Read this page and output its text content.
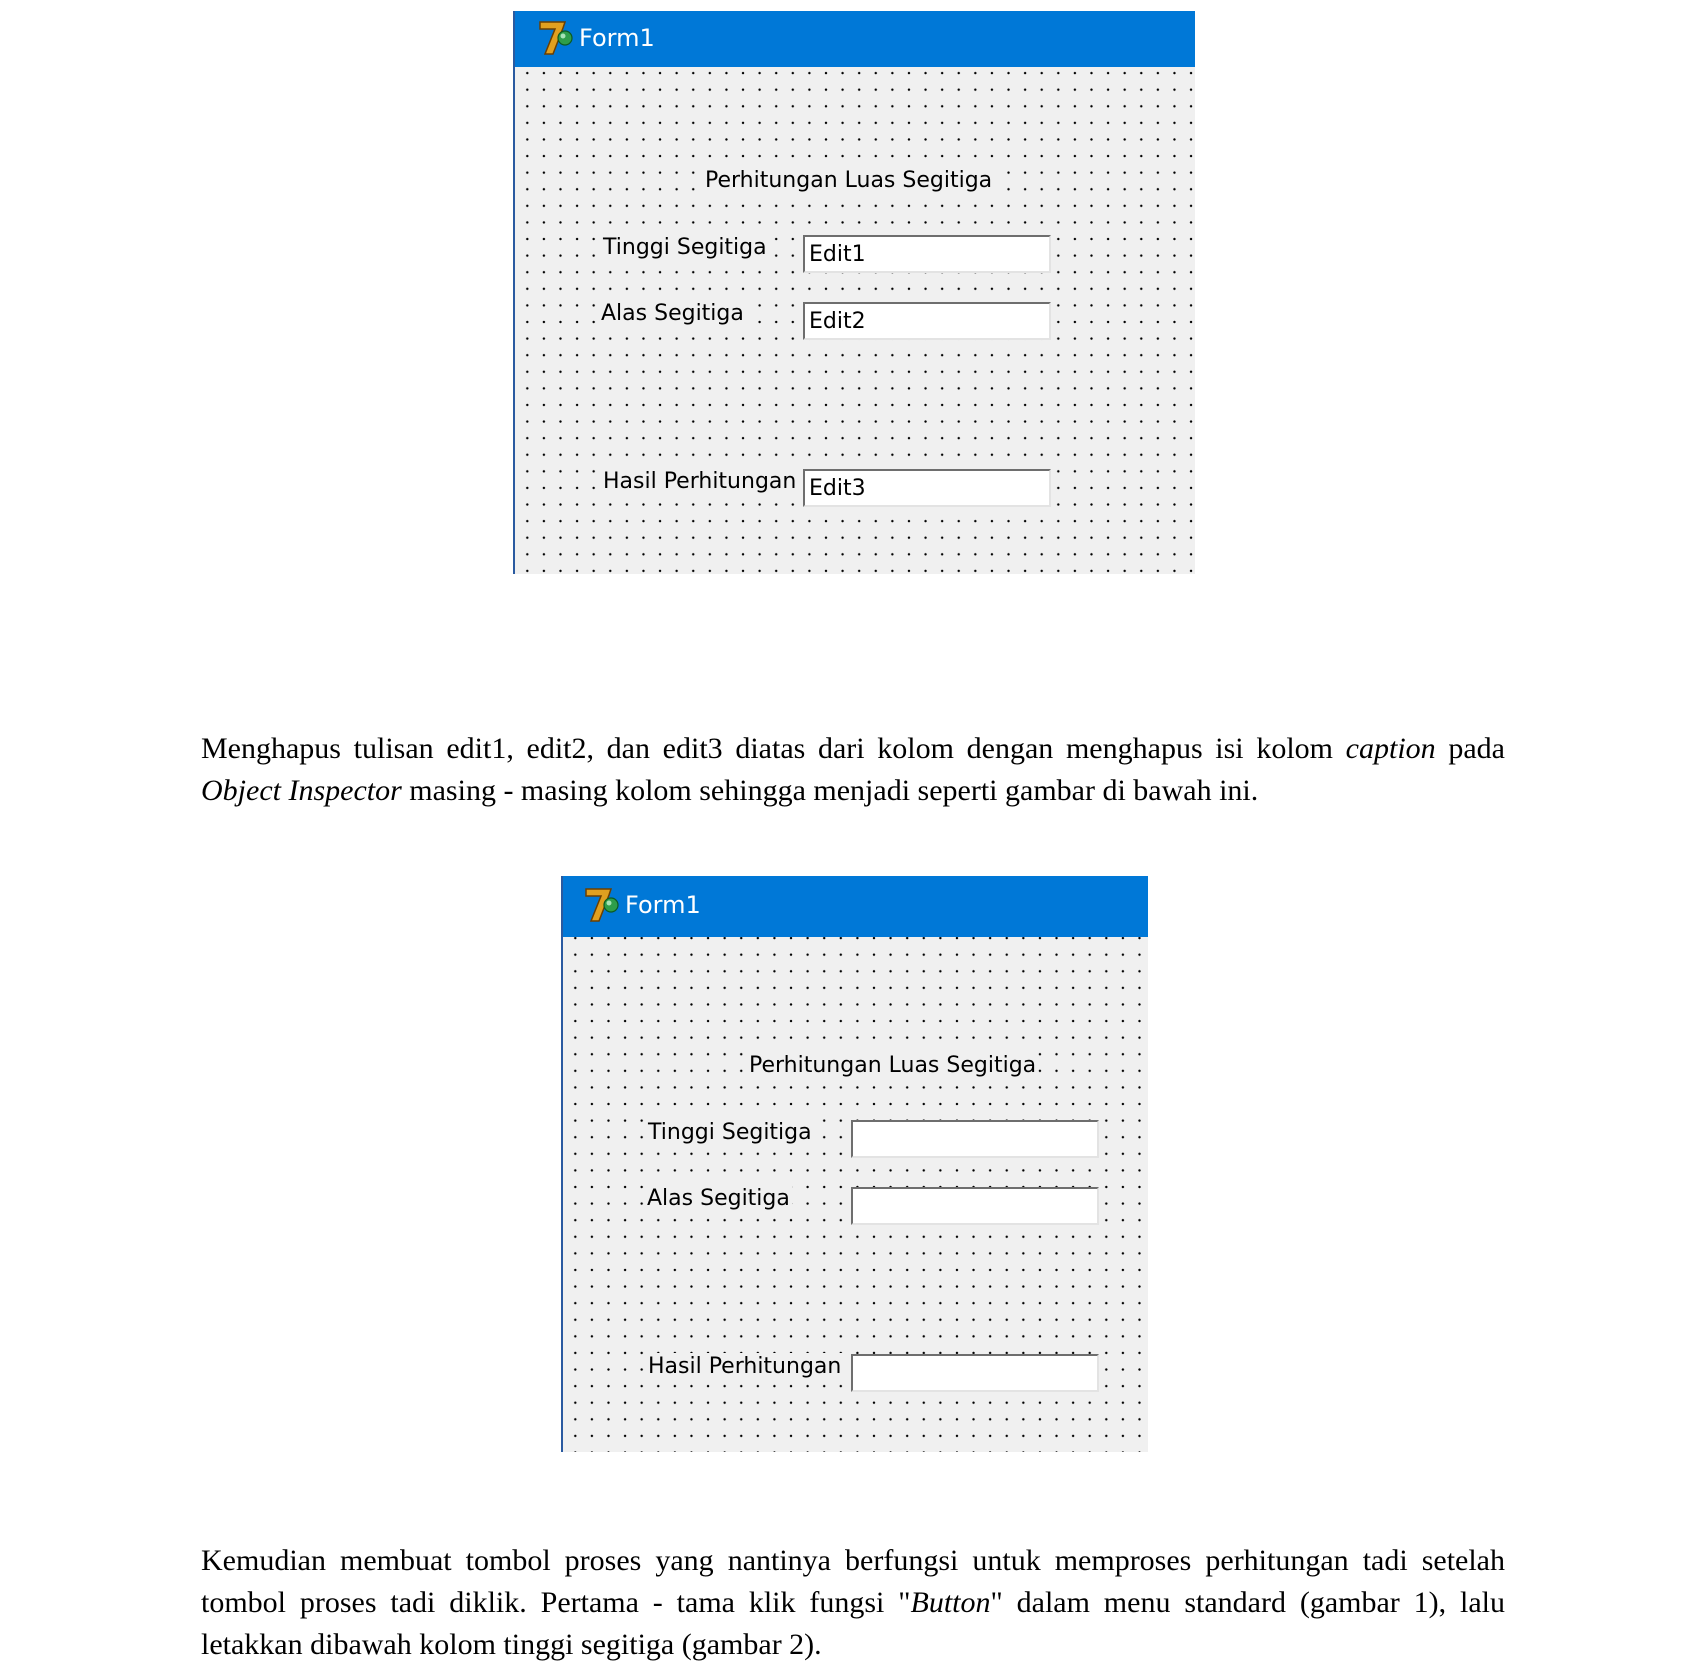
Form1
Perhitungan Luas Segitiga
Tinggi Segitiga Edit1
Alas Segitiga	Edit2
Hasil Perhitungan Edit3

Menghapus tulisan edit1, edit2, dan edit3 diatas dari kolom dengan menghapus isi kolom caption pada Object Inspector masing - masing kolom sehingga menjadi seperti gambar di bawah ini.

Form1
Perhitungan Luas Segitiga
Tinggi Segitiga
Alas Segitiga
Hasil Perhitungan

Kemudian membuat tombol proses yang nantinya berfungsi untuk memproses perhitungan tadi setelah tombol proses tadi diklik. Pertama - tama klik fungsi "Button" dalam menu standard (gambar 1), lalu letakkan dibawah kolom tinggi segitiga (gambar 2).
